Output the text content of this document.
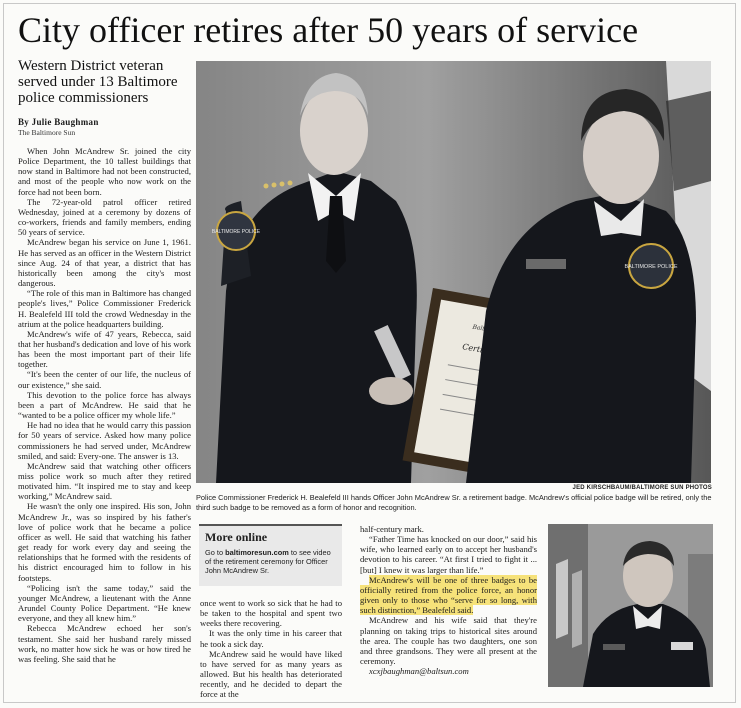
City officer retires after 50 years of service
Western District veteran served under 13 Baltimore police commissioners
By Julie Baughman
The Baltimore Sun

When John McAndrew Sr. joined the city Police Department, the 10 tallest buildings that now stand in Baltimore had not been constructed, and most of the people who now work on the force had not been born.

The 72-year-old patrol officer retired Wednesday, joined at a ceremony by dozens of co-workers, friends and family members, ending 50 years of service.

McAndrew began his service on June 1, 1961. He has served as an officer in the Western District since Aug. 24 of that year, a district that has historically been among the city's most dangerous.

“The role of this man in Baltimore has changed people's lives,” Police Commissioner Frederick H. Bealefeld III told the crowd Wednesday in the atrium at the police headquarters building.

McAndrew's wife of 47 years, Rebecca, said that her husband's dedication and love of his work has been the most important part of their life together.

“It's been the center of our life, the nucleus of our existence,” she said.

This devotion to the police force has always been a part of McAndrew. He said that he “wanted to be a police officer my whole life.”

He had no idea that he would carry this passion for 50 years of service. Asked how many police commissioners he had served under, McAndrew smiled, and said: Every-one. The answer is 13.

McAndrew said that watching other officers miss police work so much after they retired motivated him. “It inspired me to stay and keep working,” McAndrew said.

He wasn't the only one inspired. His son, John McAndrew Jr., was so inspired by his father's love of police work that he became a police officer as well. He said that watching his father get ready for work every day and seeing the relationships that he formed with the residents of his district encouraged him to follow in his footsteps.

“Policing isn't the same today,” said the younger McAndrew, a lieutenant with the Anne Arundel County Police Department. “He knew everyone, and they all knew him.”

Rebecca McAndrew echoed her son's testament. She said her husband rarely missed work, no matter how sick he was or how tired he was feeling. She said that he

BALTIMORE POLICE
BALTIMORE POLICE
JED KIRSCHBAUM/BALTIMORE SUN PHOTOS
Police Commissioner Frederick H. Bealefeld III hands Officer John McAndrew Sr. a retirement badge. McAndrew's official police badge will be retired, only the third such badge to be removed as a form of honor and recognition.
More online
Go to baltimoresun.com to see video of the retirement ceremony for Officer John McAndrew Sr.

once went to work so sick that he had to be taken to the hospital and spent two weeks there recovering.

It was the only time in his career that he took a sick day.

McAndrew said he would have liked to have served for as many years as allowed. But his health has deteriorated recently, and he decided to depart the force at the

half-century mark.

“Father Time has knocked on our door,” said his wife, who learned early on to accept her husband's devotion to his career. “At first I tried to fight it ... [but] I knew it was larger than life.”

McAndrew's will be one of three badges to be officially retired from the police force, an honor given only to those who “serve for so long, with such distinction,” Bealefeld said.

McAndrew and his wife said that they're planning on taking trips to historical sites around the area. The couple has two daughters, one son and three grandsons. They were all present at the ceremony.

xcxjbaughman@baltsun.com
